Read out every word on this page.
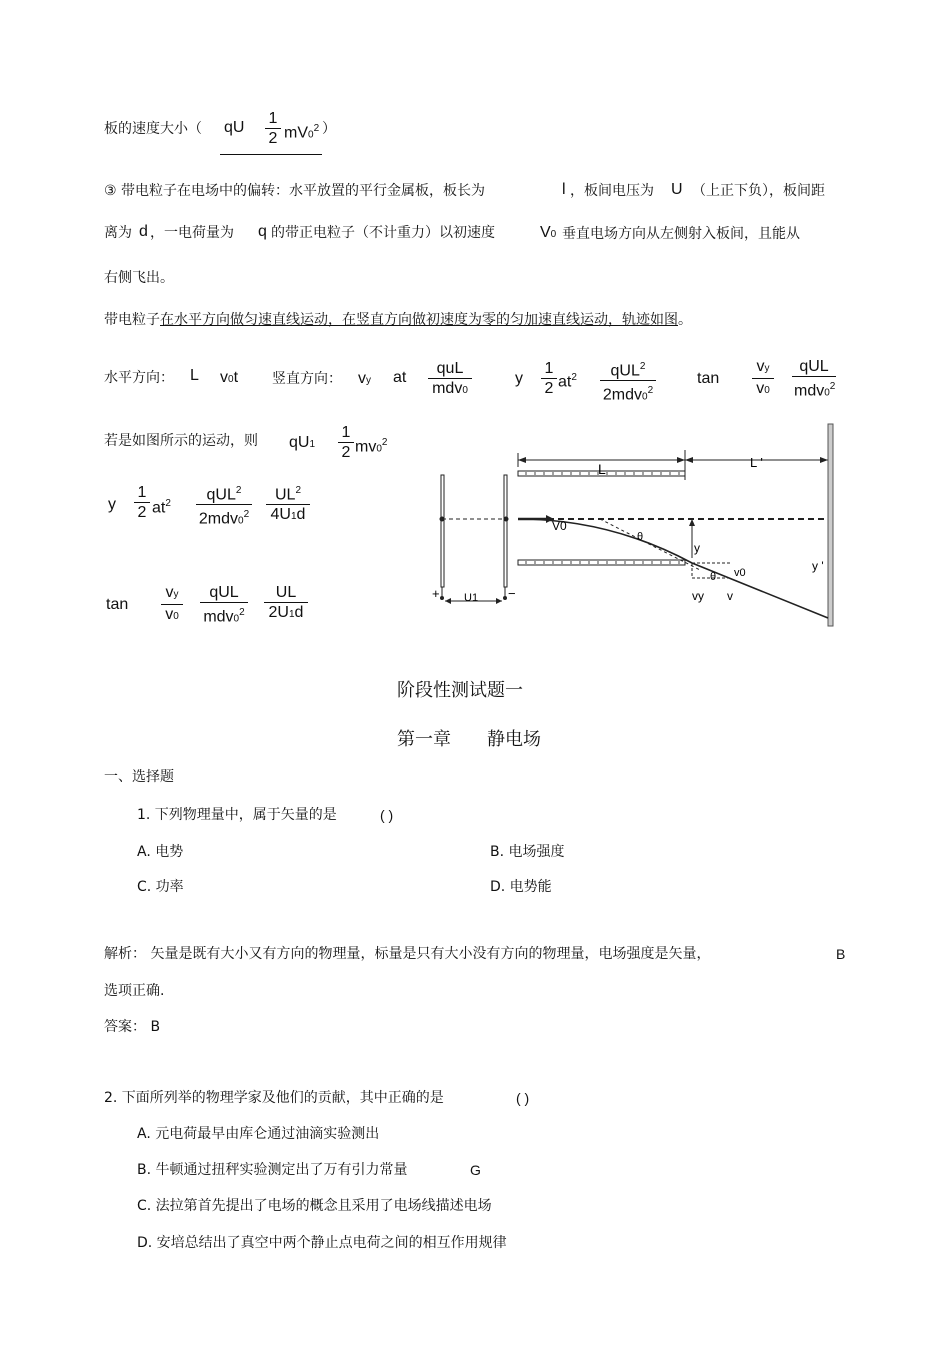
板的速度大小（ qU $\frac{1}{2} mV0^2$ ）
③ 带电粒子在电场中的偏转：水平放置的平行金属板，板长为	l ，板间电压为 U （上正下负），板间距
离为 d ，一电荷量为 q 的带正电粒子（不计重力）以初速度	V0 垂直电场方向从左侧射入板间，且能从
右侧飞出。
带电粒子在水平方向做匀速直线运动，在竖直方向做初速度为零的匀加速直线运动，轨迹如图。
水平方向： L v0t 竖直方向： vy at
quL
mdv0
y $\frac{1}{2} at^2$	qUL$^2$
$2mdv0^2$
$\tan \frac{vy}{v0}$	qUL
$mdv0^2$
若是如图所示的运动，则 $qU1 \frac{1}{2} mv0^2$
y $\frac{1}{2} at^2$
qUL$^2$
$2mdv0^2 \frac{UL^2}{4U1d}$
$\tan \frac{vy}{v0}$	qUL
$mdv0^2 \frac{UL}{2U1d}$	+	−
U1
L	L '
V0
θ
y
v0
θ
vy v
y '
阶段性测试题一
第一章 静电场
一、选择题
1. 下列物理量中，属于矢量的是	( )
A. 电势	B. 电场强度
C. 功率	D. 电势能
解析： 矢量是既有大小又有方向的物理量，标量是只有大小没有方向的物理量，电场强度是矢量，	B
选项正确.
答案： B
2. 下面所列举的物理学家及他们的贡献，其中正确的是	( )
A. 元电荷最早由库仑通过油滴实验测出
B. 牛顿通过扭秤实验测定出了万有引力常量	G
C. 法拉第首先提出了电场的概念且采用了电场线描述电场
D. 安培总结出了真空中两个静止点电荷之间的相互作用规律
